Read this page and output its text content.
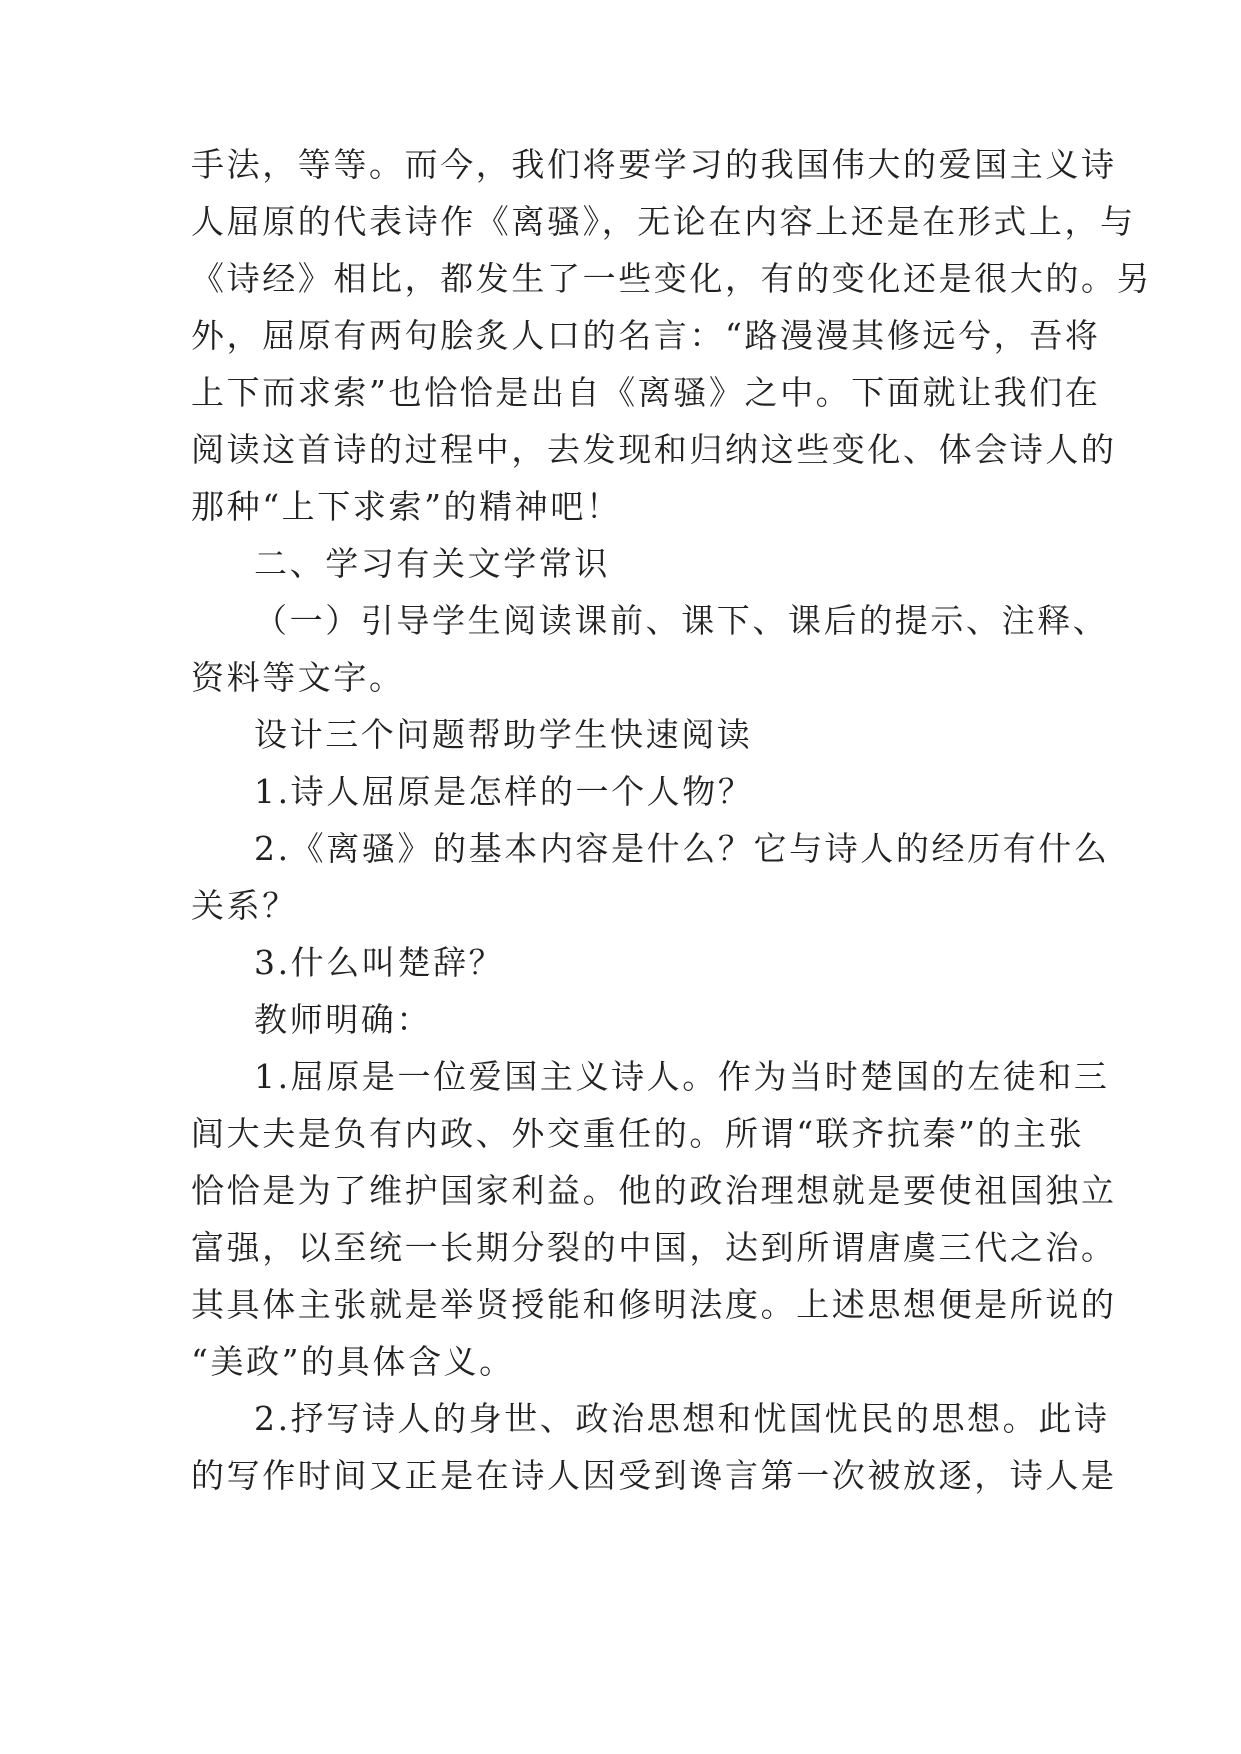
手法，等等。而今，我们将要学习的我国伟大的爱国主义诗
人屈原的代表诗作《离骚》，无论在内容上还是在形式上，与
《诗经》相比，都发生了一些变化，有的变化还是很大的。另
外，屈原有两句脍炙人口的名言：“路漫漫其修远兮，吾将
上下而求索”也恰恰是出自《离骚》之中。下面就让我们在
阅读这首诗的过程中，去发现和归纳这些变化、体会诗人的
那种“上下求索”的精神吧！
二、学习有关文学常识
（一）引导学生阅读课前、课下、课后的提示、注释、
资料等文字。
设计三个问题帮助学生快速阅读
1.诗人屈原是怎样的一个人物？
2.《离骚》的基本内容是什么？它与诗人的经历有什么
关系？
3.什么叫楚辞？
教师明确：
1.屈原是一位爱国主义诗人。作为当时楚国的左徒和三
闾大夫是负有内政、外交重任的。所谓“联齐抗秦”的主张
恰恰是为了维护国家利益。他的政治理想就是要使祖国独立
富强，以至统一长期分裂的中国，达到所谓唐虞三代之治。
其具体主张就是举贤授能和修明法度。上述思想便是所说的
“美政”的具体含义。
2.抒写诗人的身世、政治思想和忧国忧民的思想。此诗
的写作时间又正是在诗人因受到谗言第一次被放逐，诗人是
